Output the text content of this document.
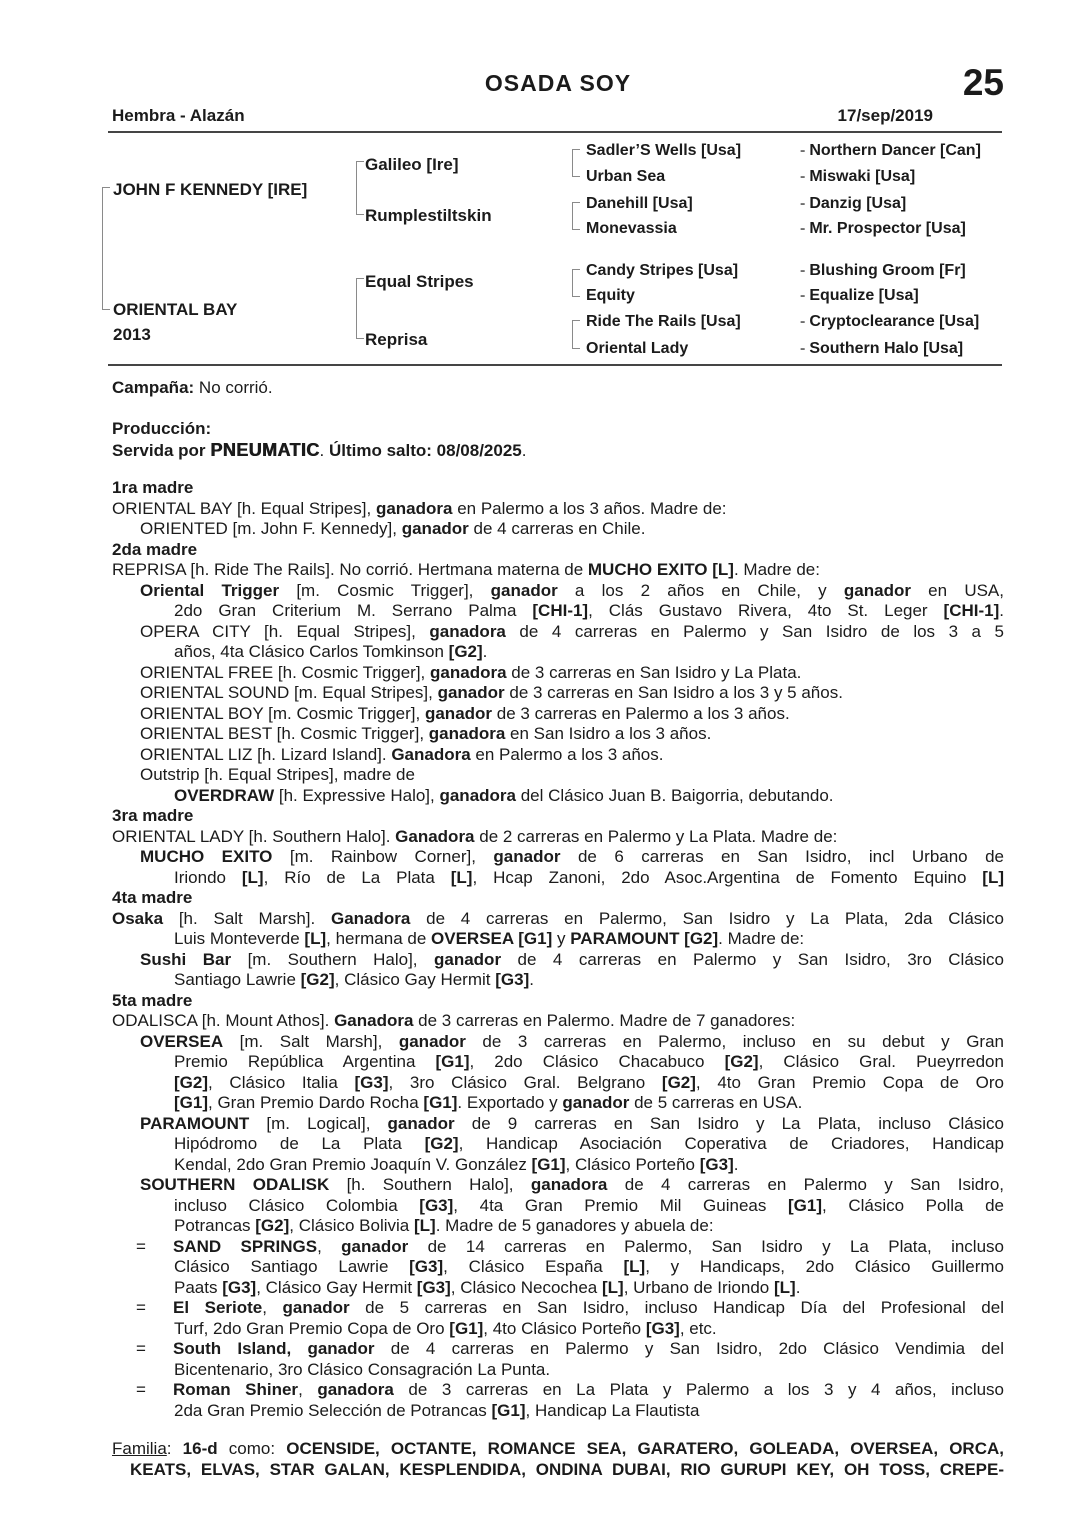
OSADA SOY	25
Hembra - Alazán	17/sep/2019
JOHN F KENNEDY [IRE]
ORIENTAL BAY
2013
Galileo [Ire]
Rumplestiltskin
Equal Stripes
Reprisa
Sadler’S Wells [Usa]
Urban Sea
Danehill [Usa]
Monevassia
Candy Stripes [Usa]
Equity
Ride The Rails [Usa]
Oriental Lady
- Northern Dancer [Can]
- Miswaki [Usa]
- Danzig [Usa]
- Mr. Prospector [Usa]
- Blushing Groom [Fr]
- Equalize [Usa]
- Cryptoclearance [Usa]
- Southern Halo [Usa]
Campaña: No corrió.
Producción:
Servida por PNEUMATIC. Último salto: 08/08/2025.
1ra madre
ORIENTAL BAY [h. Equal Stripes], ganadora en Palermo a los 3 años. Madre de:
ORIENTED [m. John F. Kennedy], ganador de 4 carreras en Chile.
2da madre
REPRISA [h. Ride The Rails]. No corrió. Hertmana materna de MUCHO EXITO [L]. Madre de:
Oriental Trigger [m. Cosmic Trigger], ganador a los 2 años en Chile, y ganador en USA,
2do Gran Criterium M. Serrano Palma [CHI-1], Clás Gustavo Rivera, 4to St. Leger [CHI-1].
OPERA CITY [h. Equal Stripes], ganadora de 4 carreras en Palermo y San Isidro de los 3 a 5
años, 4ta Clásico Carlos Tomkinson [G2].
ORIENTAL FREE [h. Cosmic Trigger], ganadora de 3 carreras en San Isidro y La Plata.
ORIENTAL SOUND [m. Equal Stripes], ganador de 3 carreras en San Isidro a los 3 y 5 años.
ORIENTAL BOY [m. Cosmic Trigger], ganador de 3 carreras en Palermo a los 3 años.
ORIENTAL BEST [h. Cosmic Trigger], ganadora en San Isidro a los 3 años.
ORIENTAL LIZ [h. Lizard Island]. Ganadora en Palermo a los 3 años.
Outstrip [h. Equal Stripes], madre de
OVERDRAW [h. Expressive Halo], ganadora del Clásico Juan B. Baigorria, debutando.
3ra madre
ORIENTAL LADY [h. Southern Halo]. Ganadora de 2 carreras en Palermo y La Plata. Madre de:
MUCHO EXITO [m. Rainbow Corner], ganador de 6 carreras en San Isidro, incl Urbano de
Iriondo [L], Río de La Plata [L], Hcap Zanoni, 2do Asoc.Argentina de Fomento Equino [L]
4ta madre
Osaka [h. Salt Marsh]. Ganadora de 4 carreras en Palermo, San Isidro y La Plata, 2da Clásico
Luis Monteverde [L], hermana de OVERSEA [G1] y PARAMOUNT [G2]. Madre de:
Sushi Bar [m. Southern Halo], ganador de 4 carreras en Palermo y San Isidro, 3ro Clásico
Santiago Lawrie [G2], Clásico Gay Hermit [G3].
5ta madre
ODALISCA [h. Mount Athos]. Ganadora de 3 carreras en Palermo. Madre de 7 ganadores:
OVERSEA [m. Salt Marsh], ganador de 3 carreras en Palermo, incluso en su debut y Gran
Premio República Argentina [G1], 2do Clásico Chacabuco [G2], Clásico Gral. Pueyrredon
[G2], Clásico Italia [G3], 3ro Clásico Gral. Belgrano [G2], 4to Gran Premio Copa de Oro
[G1], Gran Premio Dardo Rocha [G1]. Exportado y ganador de 5 carreras en USA.
PARAMOUNT [m. Logical], ganador de 9 carreras en San Isidro y La Plata, incluso Clásico
Hipódromo de La Plata [G2], Handicap Asociación Coperativa de Criadores, Handicap
Kendal, 2do Gran Premio Joaquín V. González [G1], Clásico Porteño [G3].
SOUTHERN ODALISK [h. Southern Halo], ganadora de 4 carreras en Palermo y San Isidro,
incluso Clásico Colombia [G3], 4ta Gran Premio Mil Guineas [G1], Clásico Polla de
Potrancas [G2], Clásico Bolivia [L]. Madre de 5 ganadores y abuela de:
= SAND SPRINGS, ganador de 14 carreras en Palermo, San Isidro y La Plata, incluso
Clásico Santiago Lawrie [G3], Clásico España [L], y Handicaps, 2do Clásico Guillermo
Paats [G3], Clásico Gay Hermit [G3], Clásico Necochea [L], Urbano de Iriondo [L].
= El Seriote, ganador de 5 carreras en San Isidro, incluso Handicap Día del Profesional del
Turf, 2do Gran Premio Copa de Oro [G1], 4to Clásico Porteño [G3], etc.
= South Island, ganador de 4 carreras en Palermo y San Isidro, 2do Clásico Vendimia del
Bicentenario, 3ro Clásico Consagración La Punta.
= Roman Shiner, ganadora de 3 carreras en La Plata y Palermo a los 3 y 4 años, incluso
2da Gran Premio Selección de Potrancas [G1], Handicap La Flautista
Familia: 16-d como: OCENSIDE, OCTANTE, ROMANCE SEA, GARATERO, GOLEADA, OVERSEA, ORCA,
KEATS, ELVAS, STAR GALAN, KESPLENDIDA, ONDINA DUBAI, RIO GURUPI KEY, OH TOSS, CREPE-
